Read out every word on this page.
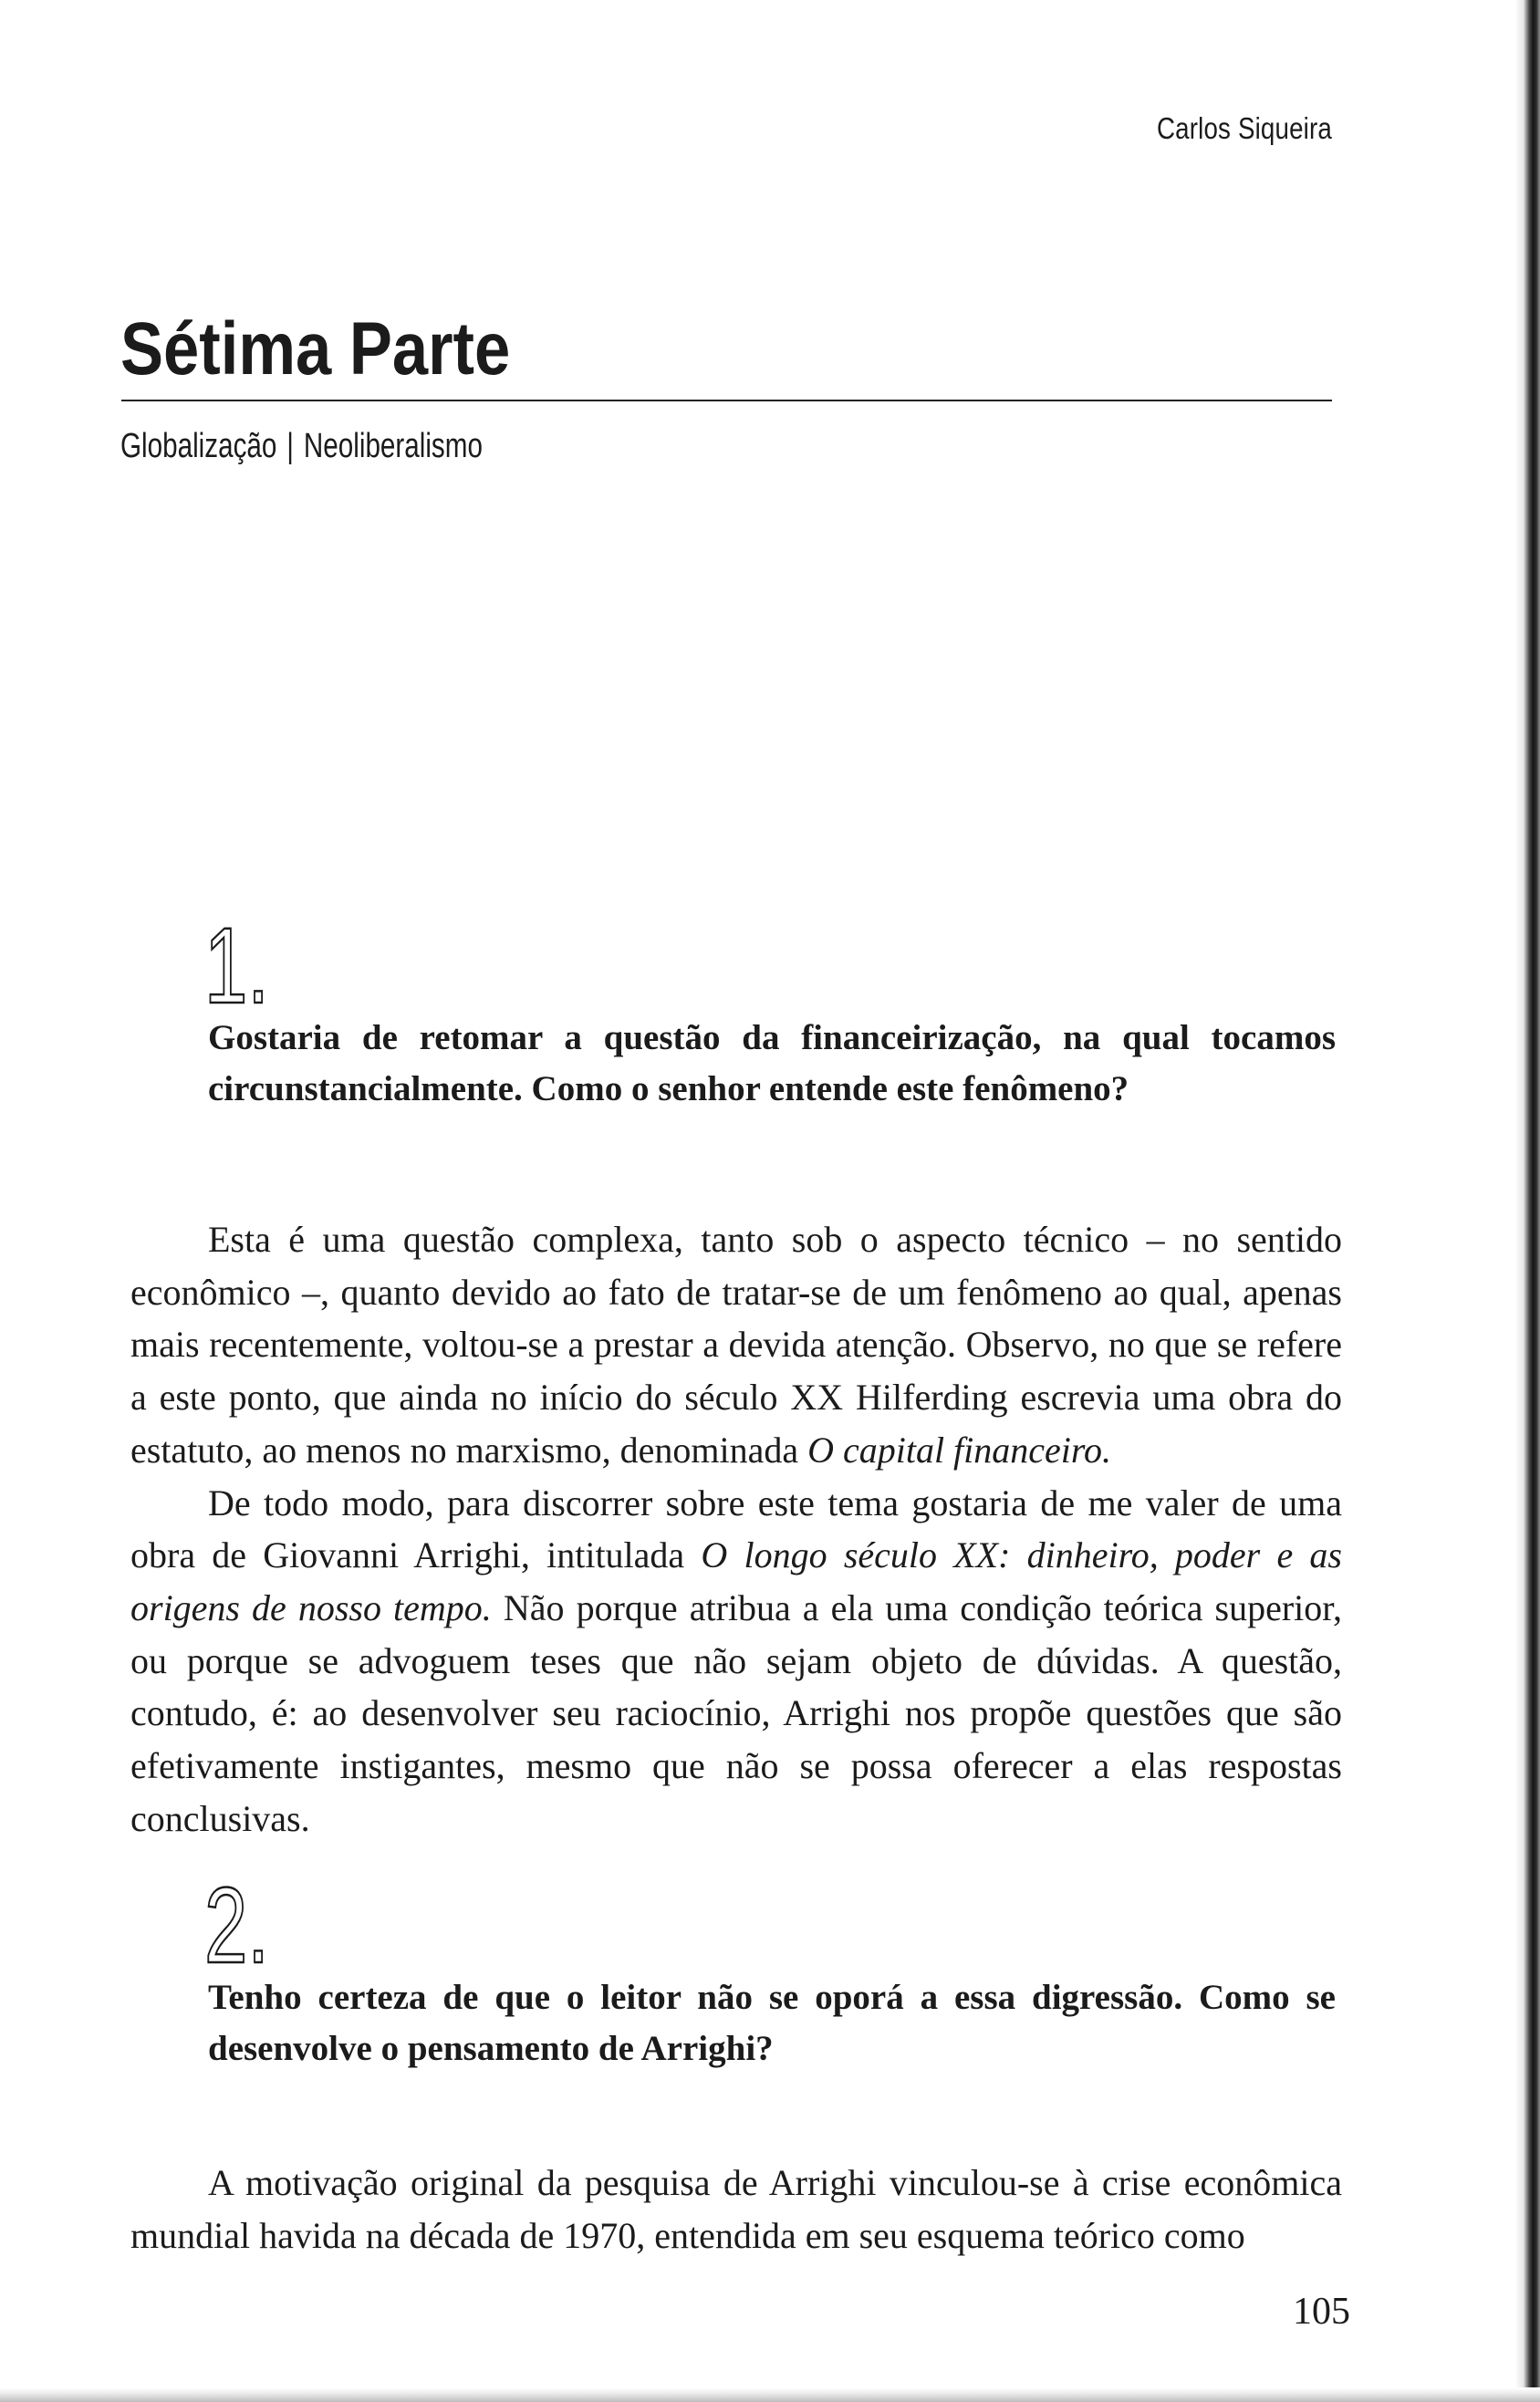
Carlos Siqueira
Sétima Parte
Globalização | Neoliberalismo
1.

Gostaria de retomar a questão da financeirização, na qual tocamos circunstancialmente. Como o senhor entende este fenômeno?

Esta é uma questão complexa, tanto sob o aspecto técnico – no sentido econômico –, quanto devido ao fato de tratar-se de um fenômeno ao qual, apenas mais recentemente, voltou-se a prestar a devida atenção. Observo, no que se refere a este ponto, que ainda no início do século XX Hilferding escrevia uma obra do estatuto, ao menos no marxismo, denominada O capital financeiro.

De todo modo, para discorrer sobre este tema gostaria de me valer de uma obra de Giovanni Arrighi, intitulada O longo século XX: dinheiro, poder e as origens de nosso tempo. Não porque atribua a ela uma condição teórica superior, ou porque se advoguem teses que não sejam objeto de dúvidas. A questão, contudo, é: ao desenvolver seu raciocínio, Arrighi nos propõe questões que são efetivamente instigantes, mesmo que não se possa oferecer a elas respostas conclusivas.

2.

Tenho certeza de que o leitor não se oporá a essa digressão. Como se desenvolve o pensamento de Arrighi?

A motivação original da pesquisa de Arrighi vinculou-se à crise econômica mundial havida na década de 1970, entendida em seu esquema teórico como

105
